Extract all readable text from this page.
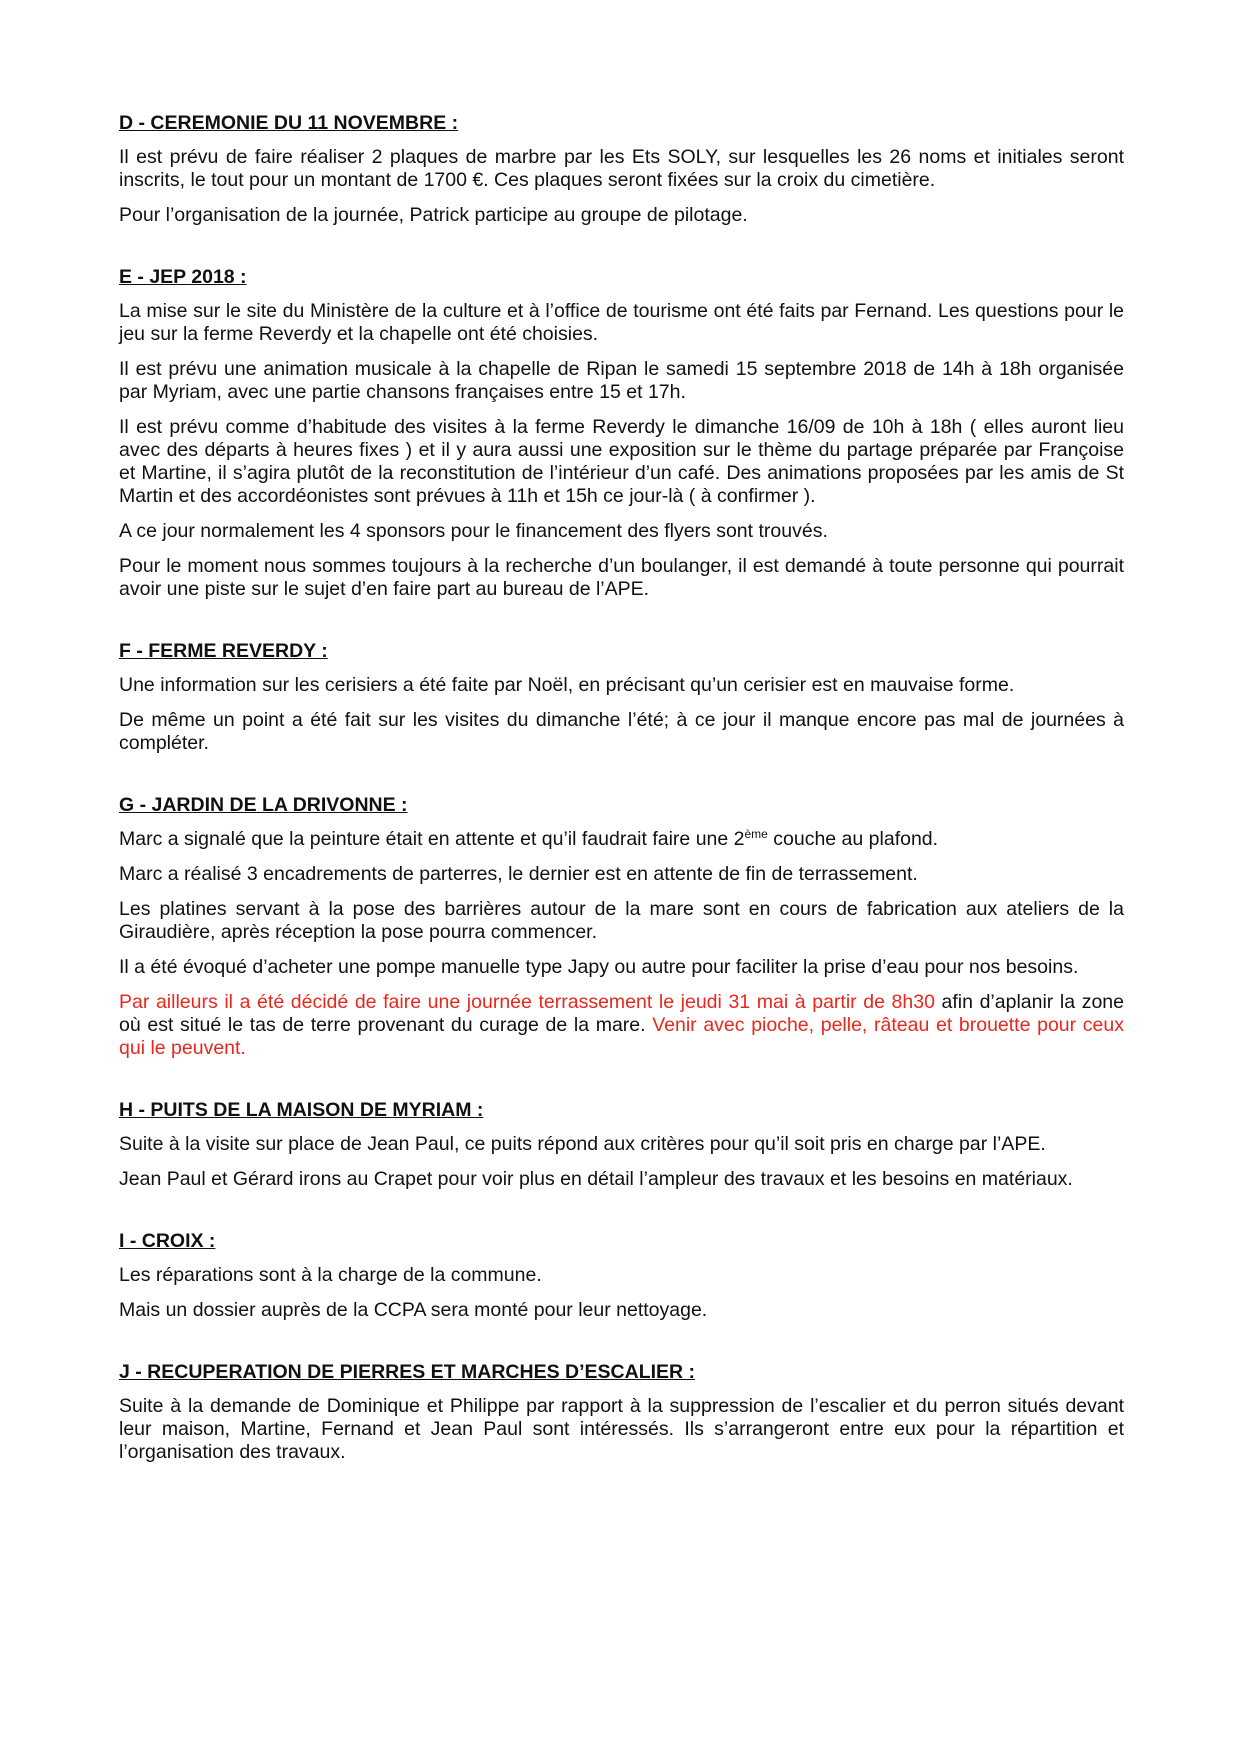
D - CEREMONIE DU 11 NOVEMBRE :

Il est prévu de faire réaliser 2 plaques de marbre par les Ets SOLY, sur lesquelles les 26 noms et initiales seront inscrits, le tout pour un montant de 1700 €. Ces plaques seront fixées sur la croix du cimetière.

Pour l’organisation de la journée, Patrick participe au groupe de pilotage.

E - JEP 2018 :

La mise sur le site du Ministère de la culture et à l’office de tourisme ont été faits par Fernand. Les questions pour le jeu sur la ferme Reverdy et la chapelle ont été choisies.

Il est prévu une animation musicale à la chapelle de Ripan le samedi 15 septembre 2018 de 14h à 18h organisée par Myriam, avec une partie chansons françaises entre 15 et 17h.

Il est prévu comme d’habitude des visites à la ferme Reverdy le dimanche 16/09 de 10h à 18h ( elles auront lieu avec des départs à heures fixes ) et il y aura aussi une exposition sur le thème du partage préparée par Françoise et Martine, il s’agira plutôt de la reconstitution de l’intérieur d’un café. Des animations proposées par les amis de St Martin et des accordéonistes sont prévues à 11h et 15h ce jour-là ( à confirmer ).

A ce jour normalement les 4 sponsors pour le financement des flyers sont trouvés.

Pour le moment nous sommes toujours à la recherche d’un boulanger, il est demandé à toute personne qui pourrait avoir une piste sur le sujet d’en faire part au bureau de l’APE.

F - FERME REVERDY :

Une information sur les cerisiers a été faite par Noël, en précisant qu’un cerisier est en mauvaise forme.

De même un point a été fait sur les visites du dimanche l’été; à ce jour il manque encore pas mal de journées à compléter.

G - JARDIN DE LA DRIVONNE :

Marc a signalé que la peinture était en attente et qu’il faudrait faire une 2ème couche au plafond.

Marc a réalisé 3 encadrements de parterres, le dernier est en attente de fin de terrassement.

Les platines servant à la pose des barrières autour de la mare sont en cours de fabrication aux ateliers de la Giraudière, après réception la pose pourra commencer.

Il a été évoqué d’acheter une pompe manuelle type Japy ou autre pour faciliter la prise d’eau pour nos besoins.

Par ailleurs il a été décidé de faire une journée terrassement le jeudi 31 mai à partir de 8h30 afin d’aplanir la zone où est situé le tas de terre provenant du curage de la mare. Venir avec pioche, pelle, râteau et brouette pour ceux qui le peuvent.

H - PUITS DE LA MAISON DE MYRIAM :

Suite à la visite sur place de Jean Paul, ce puits répond aux critères pour qu’il soit pris en charge par l’APE.

Jean Paul et Gérard irons au Crapet pour voir plus en détail l’ampleur des travaux et les besoins en matériaux.

I - CROIX :

Les réparations sont à la charge de la commune.

Mais un dossier auprès de la CCPA sera monté pour leur nettoyage.

J - RECUPERATION DE PIERRES ET MARCHES D’ESCALIER :

Suite à la demande de Dominique et Philippe par rapport à la suppression de l’escalier et du perron situés devant leur maison, Martine, Fernand et Jean Paul sont intéressés. Ils s’arrangeront entre eux pour la répartition et l’organisation des travaux.
